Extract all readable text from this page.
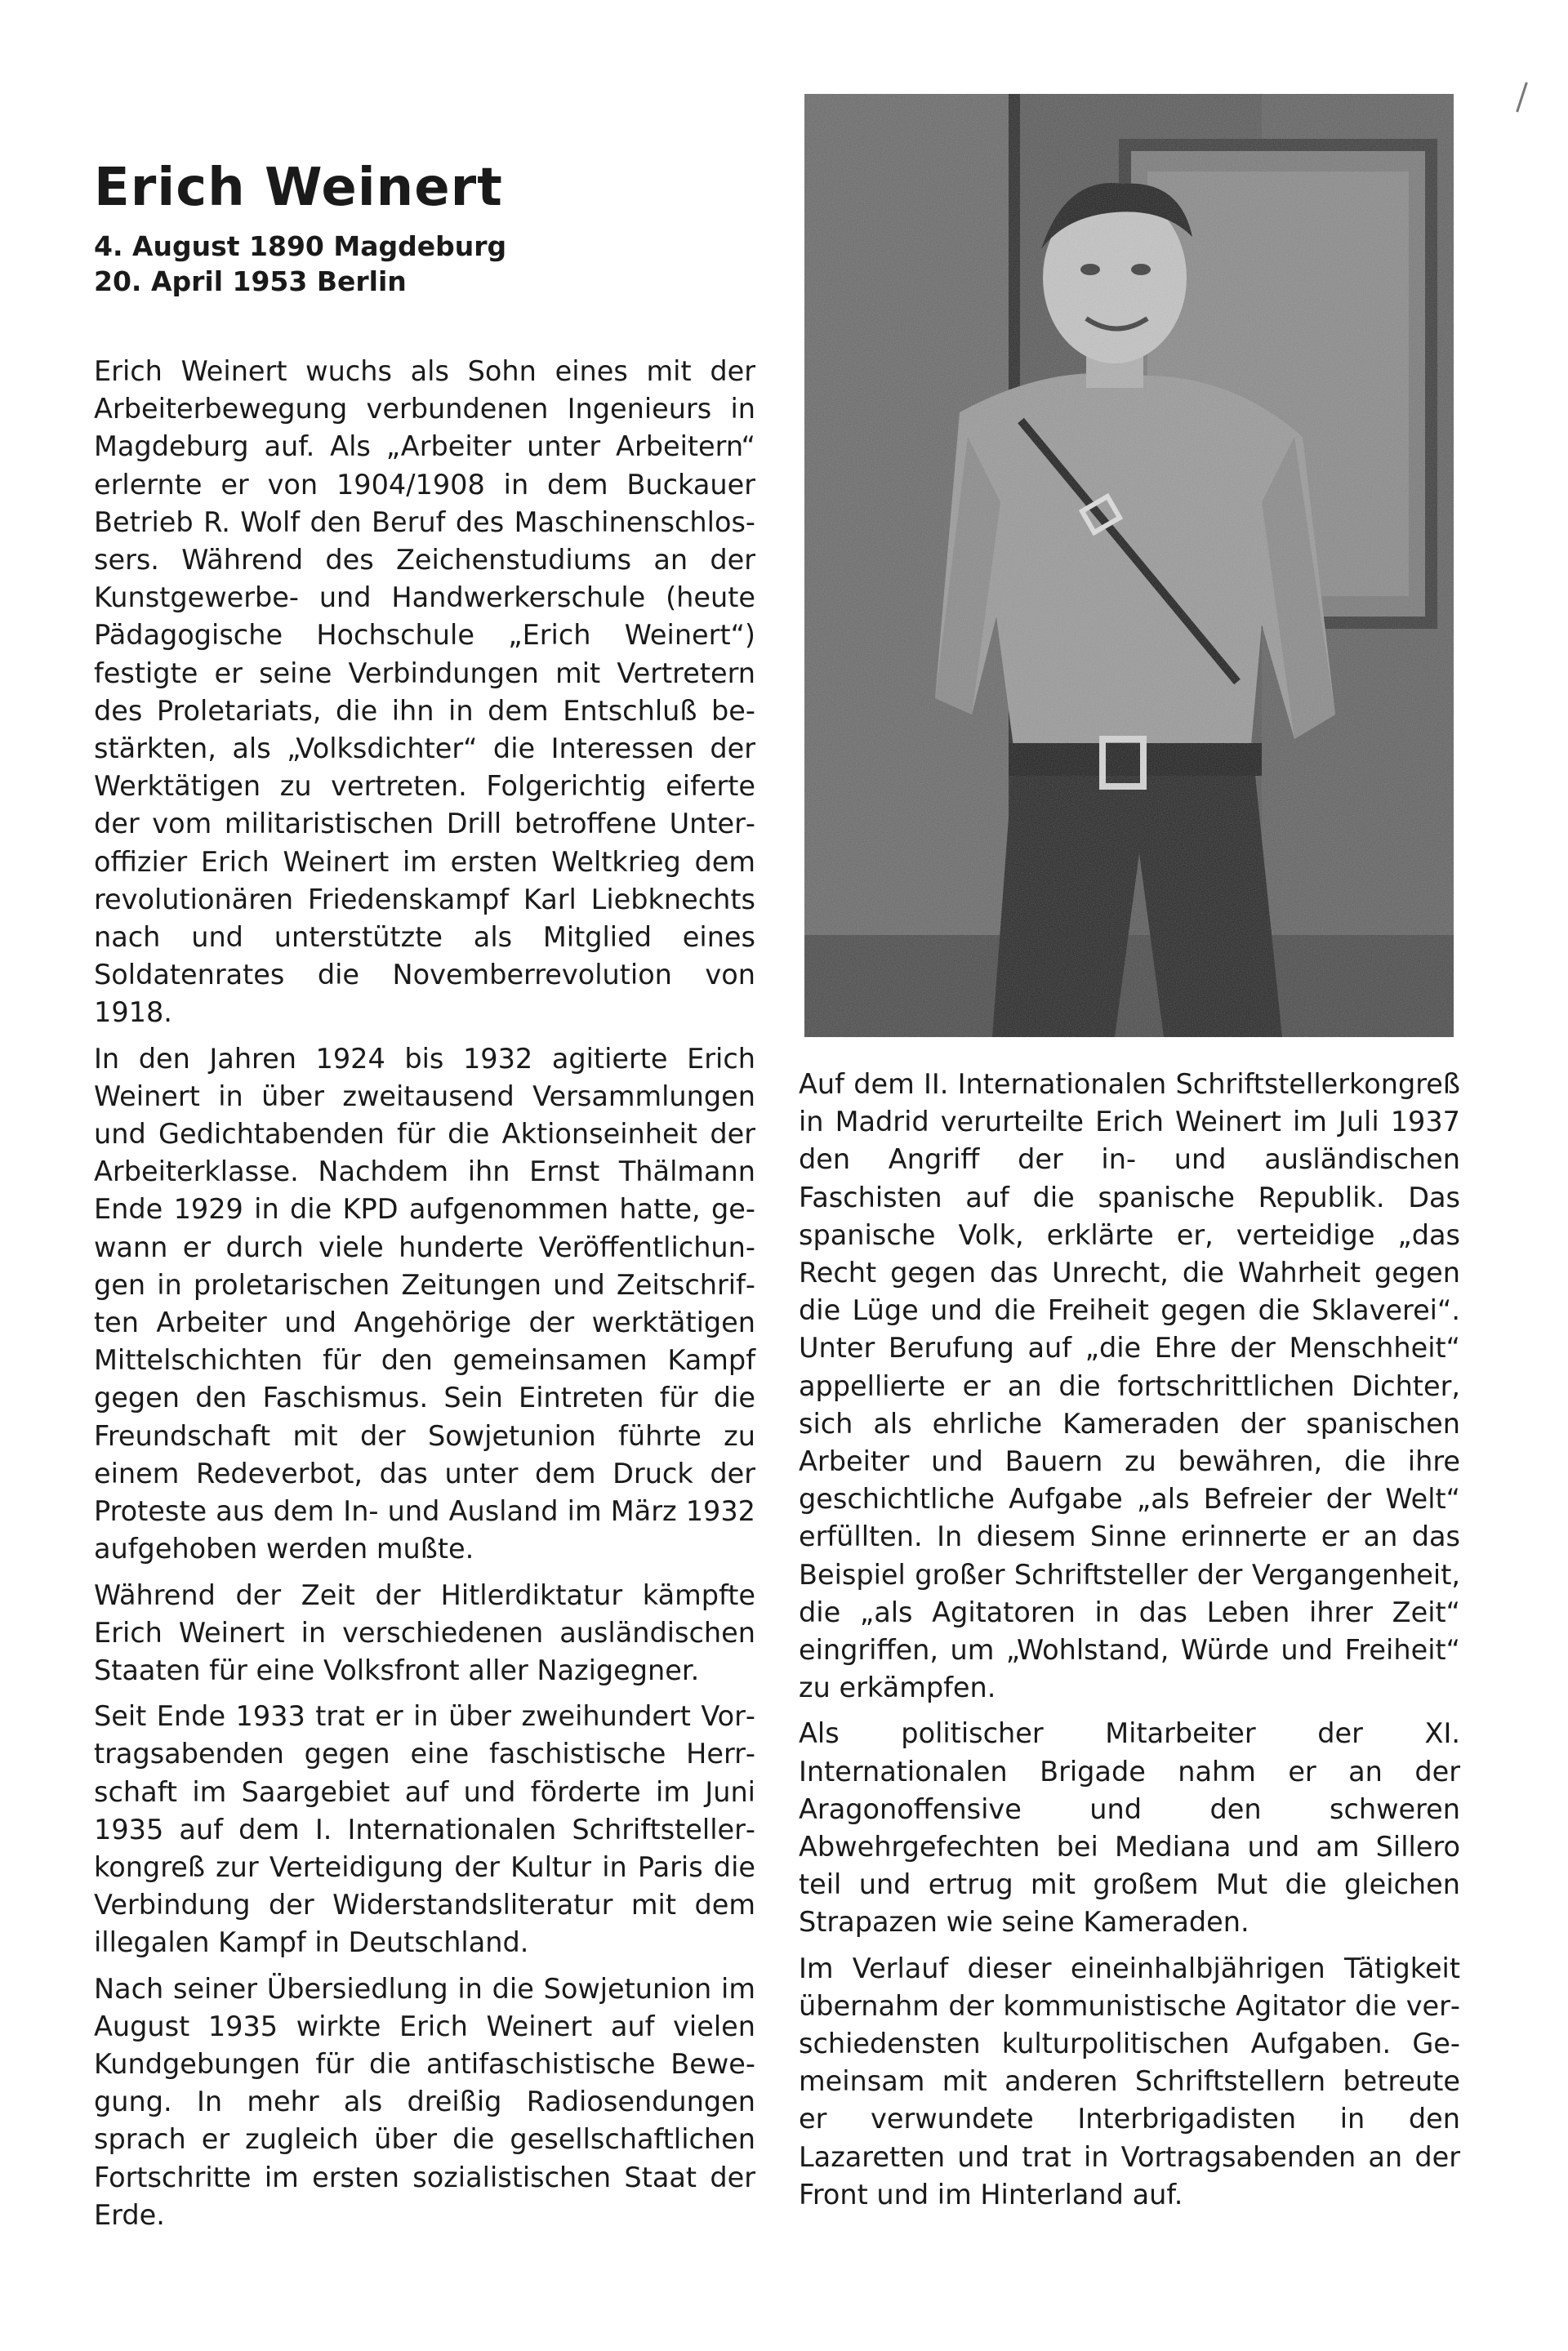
Erich Weinert
4. August 1890 Magdeburg
20. April 1953 Berlin

Erich Weinert wuchs als Sohn eines mit der Arbeiterbewegung verbundenen Ingenieurs in Magdeburg auf. Als „Arbeiter unter Arbeitern“ erlernte er von 1904/1908 in dem Buckauer Betrieb R. Wolf den Beruf des Maschinenschlossers. Während des Zeichenstudiums an der Kunstgewerbe- und Handwerkerschule (heute Pädagogische Hochschule „Erich Weinert“) festigte er seine Verbindungen mit Vertretern des Proletariats, die ihn in dem Entschluß bestärkten, als „Volksdichter“ die Interessen der Werktätigen zu vertreten. Folgerichtig eiferte der vom militaristischen Drill betroffene Unteroffizier Erich Weinert im ersten Weltkrieg dem revolutionären Friedenskampf Karl Liebknechts nach und unterstützte als Mitglied eines Soldatenrates die Novemberrevolution von 1918.

In den Jahren 1924 bis 1932 agitierte Erich Weinert in über zweitausend Versammlungen und Gedichtabenden für die Aktionseinheit der Arbeiterklasse. Nachdem ihn Ernst Thälmann Ende 1929 in die KPD aufgenommen hatte, gewann er durch viele hunderte Veröffentlichungen in proletarischen Zeitungen und Zeitschriften Arbeiter und Angehörige der werktätigen Mittelschichten für den gemeinsamen Kampf gegen den Faschismus. Sein Eintreten für die Freundschaft mit der Sowjetunion führte zu einem Redeverbot, das unter dem Druck der Proteste aus dem In- und Ausland im März 1932 aufgehoben werden mußte.

Während der Zeit der Hitlerdiktatur kämpfte Erich Weinert in verschiedenen ausländischen Staaten für eine Volksfront aller Nazigegner.

Seit Ende 1933 trat er in über zweihundert Vortragsabenden gegen eine faschistische Herrschaft im Saargebiet auf und förderte im Juni 1935 auf dem I. Internationalen Schriftstellerkongreß zur Verteidigung der Kultur in Paris die Verbindung der Widerstandsliteratur mit dem illegalen Kampf in Deutschland.

Nach seiner Übersiedlung in die Sowjetunion im August 1935 wirkte Erich Weinert auf vielen Kundgebungen für die antifaschistische Bewegung. In mehr als dreißig Radiosendungen sprach er zugleich über die gesellschaftlichen Fortschritte im ersten sozialistischen Staat der Erde.

Auf dem II. Internationalen Schriftstellerkongreß in Madrid verurteilte Erich Weinert im Juli 1937 den Angriff der in- und ausländischen Faschisten auf die spanische Republik. Das spanische Volk, erklärte er, verteidige „das Recht gegen das Unrecht, die Wahrheit gegen die Lüge und die Freiheit gegen die Sklaverei“. Unter Berufung auf „die Ehre der Menschheit“ appellierte er an die fortschrittlichen Dichter, sich als ehrliche Kameraden der spanischen Arbeiter und Bauern zu bewähren, die ihre geschichtliche Aufgabe „als Befreier der Welt“ erfüllten. In diesem Sinne erinnerte er an das Beispiel großer Schriftsteller der Vergangenheit, die „als Agitatoren in das Leben ihrer Zeit“ eingriffen, um „Wohlstand, Würde und Freiheit“ zu erkämpfen.

Als politischer Mitarbeiter der XI. Internationalen Brigade nahm er an der Aragonoffensive und den schweren Abwehrgefechten bei Mediana und am Sillero teil und ertrug mit großem Mut die gleichen Strapazen wie seine Kameraden.

Im Verlauf dieser eineinhalbjährigen Tätigkeit übernahm der kommunistische Agitator die verschiedensten kulturpolitischen Aufgaben. Gemeinsam mit anderen Schriftstellern betreute er verwundete Interbrigadisten in den Lazaretten und trat in Vortragsabenden an der Front und im Hinterland auf.
